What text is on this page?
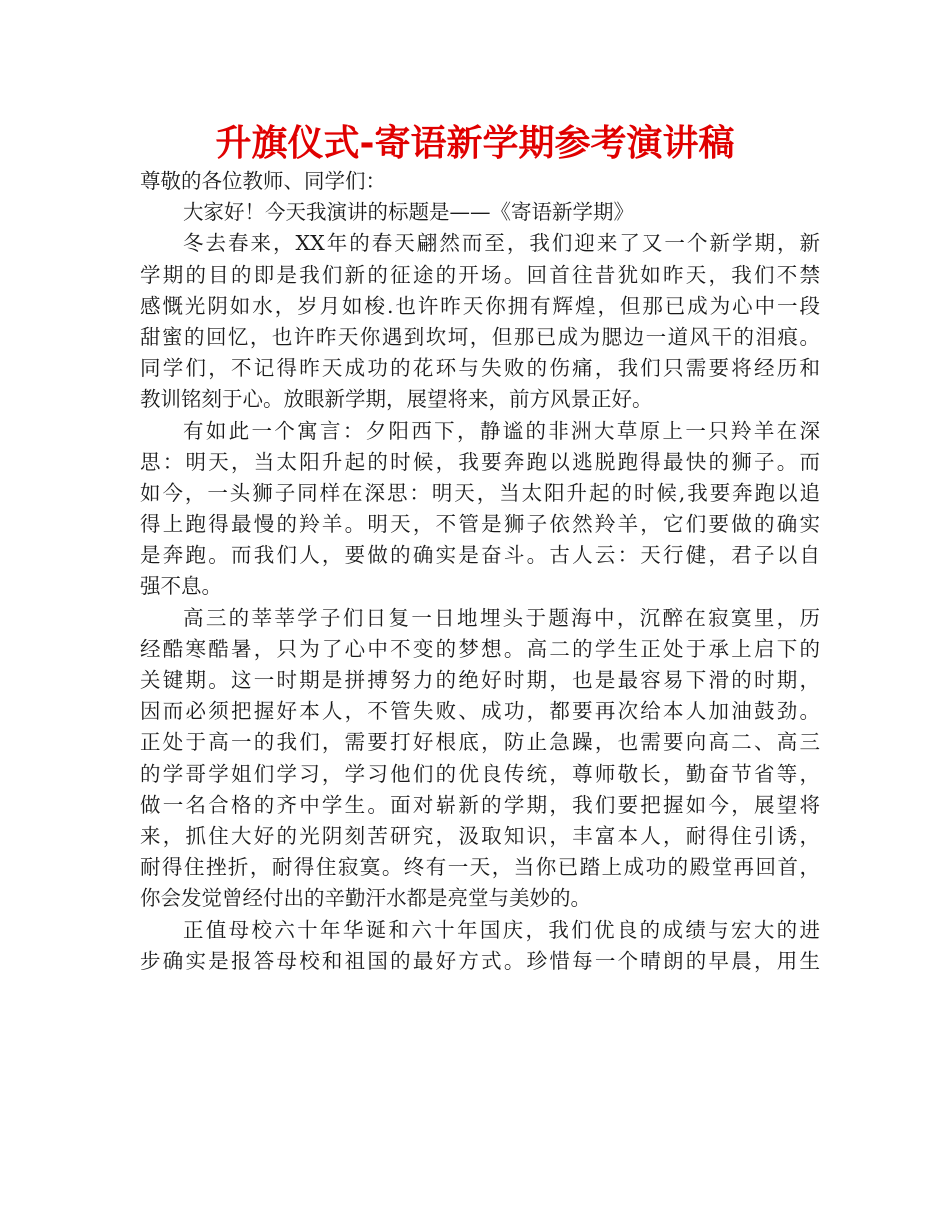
升旗仪式-寄语新学期参考演讲稿
尊敬的各位教师、同学们：
大家好！今天我演讲的标题是——《寄语新学期》
冬去春来，XX年的春天翩然而至，我们迎来了又一个新学期，新
学期的目的即是我们新的征途的开场。回首往昔犹如昨天，我们不禁
感慨光阴如水，岁月如梭.也许昨天你拥有辉煌，但那已成为心中一段
甜蜜的回忆，也许昨天你遇到坎坷，但那已成为腮边一道风干的泪痕。
同学们，不记得昨天成功的花环与失败的伤痛，我们只需要将经历和
教训铭刻于心。放眼新学期，展望将来，前方风景正好。
有如此一个寓言：夕阳西下，静谧的非洲大草原上一只羚羊在深
思：明天，当太阳升起的时候，我要奔跑以逃脱跑得最快的狮子。而
如今，一头狮子同样在深思：明天，当太阳升起的时候,我要奔跑以追
得上跑得最慢的羚羊。明天，不管是狮子依然羚羊，它们要做的确实
是奔跑。而我们人，要做的确实是奋斗。古人云：天行健，君子以自
强不息。
高三的莘莘学子们日复一日地埋头于题海中，沉醉在寂寞里，历
经酷寒酷暑，只为了心中不变的梦想。高二的学生正处于承上启下的
关键期。这一时期是拼搏努力的绝好时期，也是最容易下滑的时期，
因而必须把握好本人，不管失败、成功，都要再次给本人加油鼓劲。
正处于高一的我们，需要打好根底，防止急躁，也需要向高二、高三
的学哥学姐们学习，学习他们的优良传统，尊师敬长，勤奋节省等，
做一名合格的齐中学生。面对崭新的学期，我们要把握如今，展望将
来，抓住大好的光阴刻苦研究，汲取知识，丰富本人，耐得住引诱，
耐得住挫折，耐得住寂寞。终有一天，当你已踏上成功的殿堂再回首，
你会发觉曾经付出的辛勤汗水都是亮堂与美妙的。
正值母校六十年华诞和六十年国庆，我们优良的成绩与宏大的进
步确实是报答母校和祖国的最好方式。珍惜每一个晴朗的早晨，用生
